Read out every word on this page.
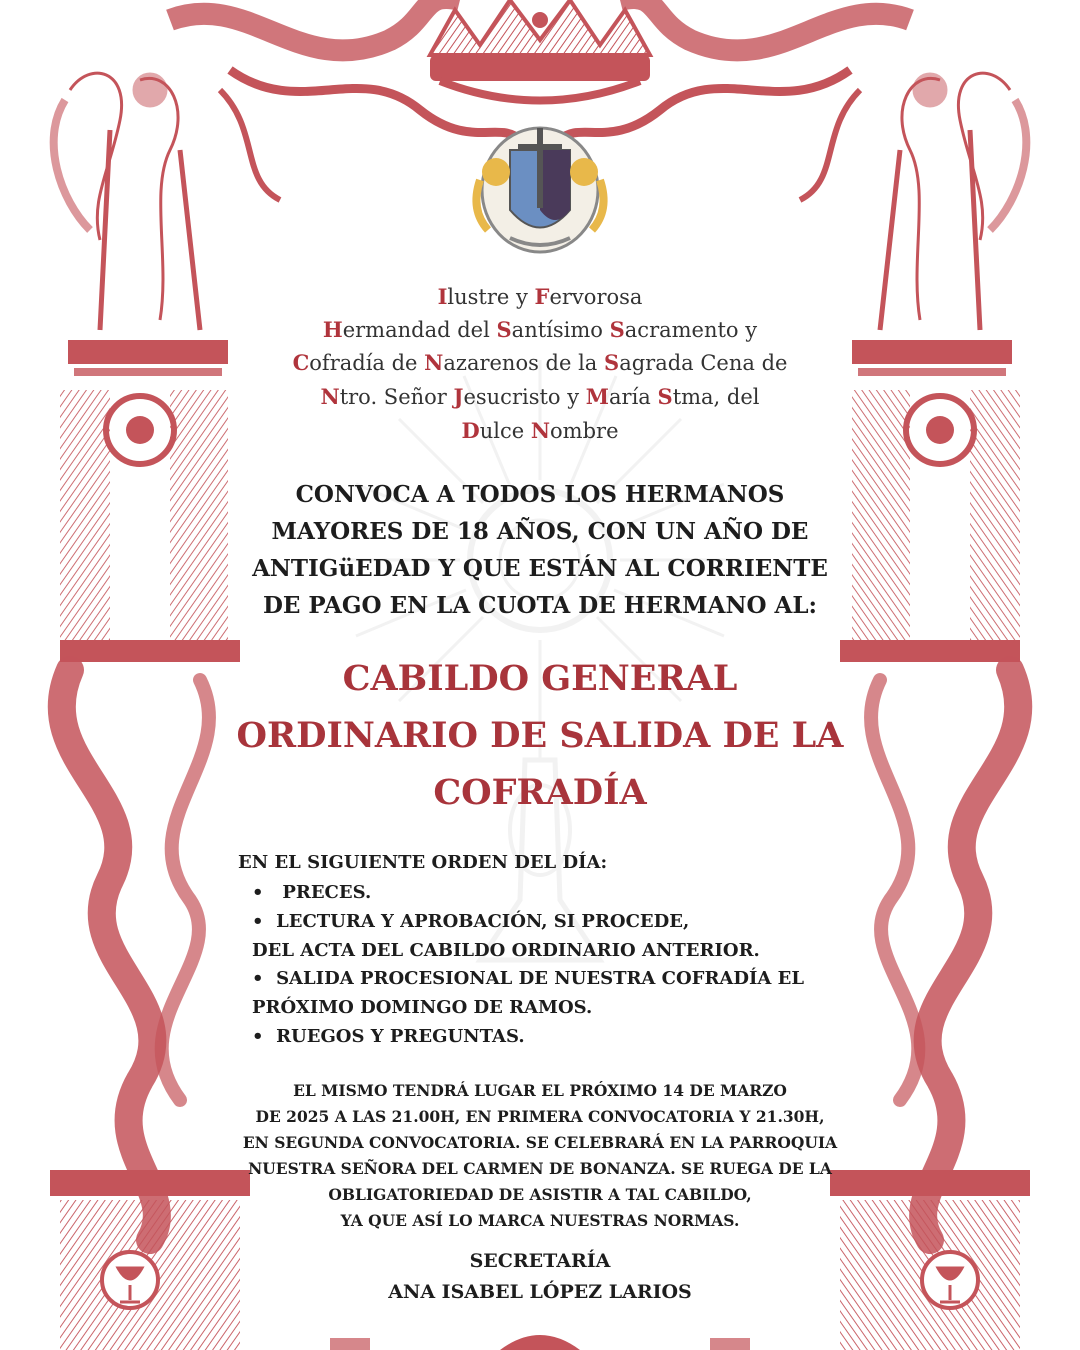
Ilustre y Fervorosa
Hermandad del Santísimo Sacramento y
Cofradía de Nazarenos de la Sagrada Cena de
Ntro. Señor Jesucristo y María Stma, del
Dulce Nombre
CONVOCA A TODOS LOS HERMANOS
MAYORES DE 18 AÑOS, CON UN AÑO DE
ANTIGüEDAD Y QUE ESTÁN AL CORRIENTE
DE PAGO EN LA CUOTA DE HERMANO AL:
CABILDO GENERAL
ORDINARIO DE SALIDA DE LA
COFRADÍA
EN EL SIGUIENTE ORDEN DEL DÍA:
• PRECES.
• LECTURA Y APROBACIÓN, SI PROCEDE,
DEL ACTA DEL CABILDO ORDINARIO ANTERIOR.
• SALIDA PROCESIONAL DE NUESTRA COFRADÍA EL
PRÓXIMO DOMINGO DE RAMOS.
• RUEGOS Y PREGUNTAS.
EL MISMO TENDRÁ LUGAR EL PRÓXIMO 14 DE MARZO
DE 2025 A LAS 21.00H, EN PRIMERA CONVOCATORIA Y 21.30H,
EN SEGUNDA CONVOCATORIA. SE CELEBRARÁ EN LA PARROQUIA
NUESTRA SEÑORA DEL CARMEN DE BONANZA. SE RUEGA DE LA
OBLIGATORIEDAD DE ASISTIR A TAL CABILDO,
YA QUE ASÍ LO MARCA NUESTRAS NORMAS.
SECRETARÍA
ANA ISABEL LÓPEZ LARIOS
